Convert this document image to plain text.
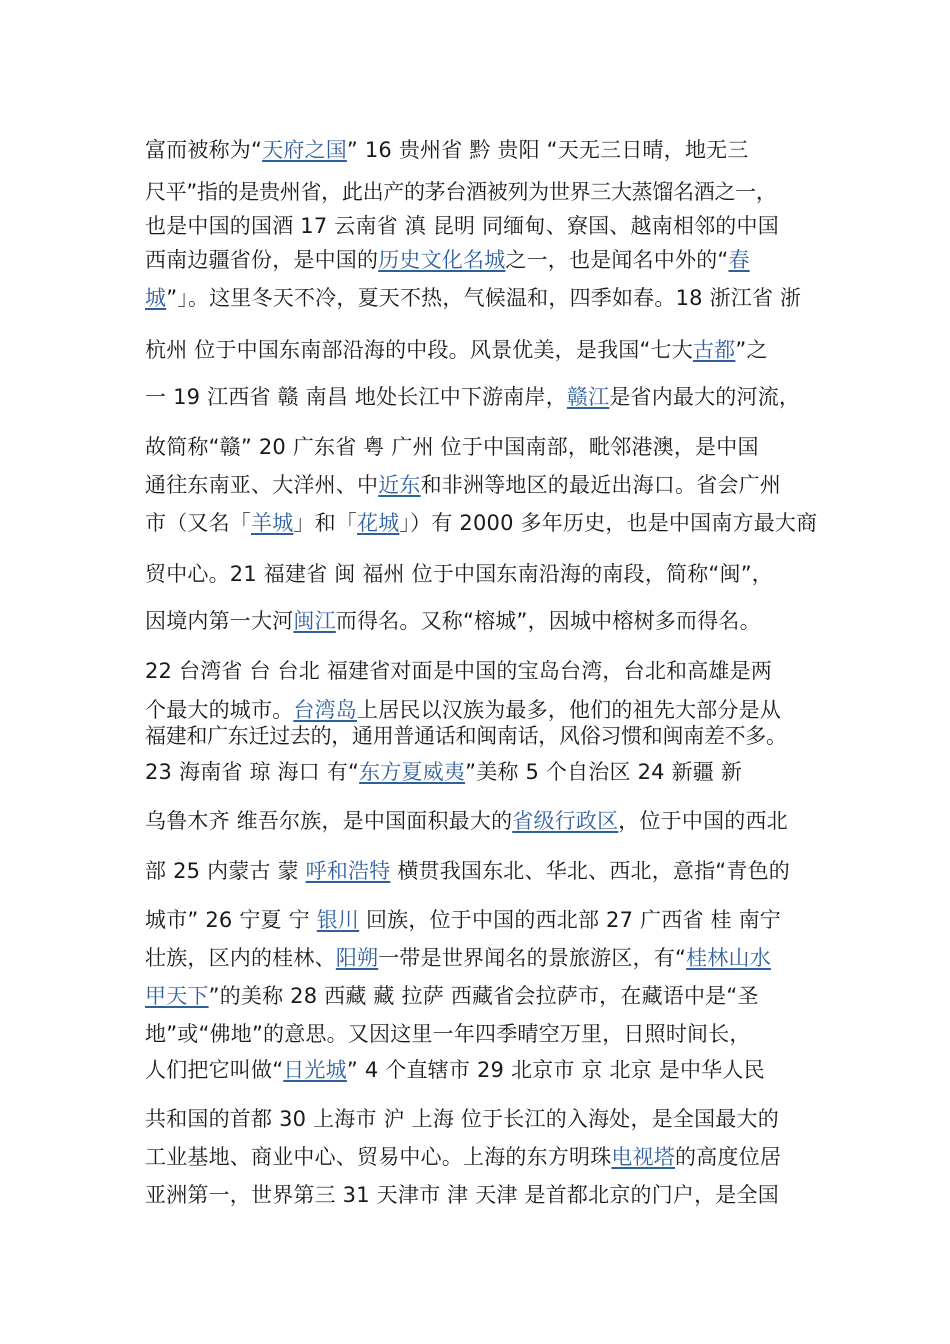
富而被称为“天府之国” 16 贵州省 黔 贵阳 “天无三日晴，地无三
尺平”指的是贵州省，此出产的茅台酒被列为世界三大蒸馏名酒之一，
也是中国的国酒 17 云南省 滇 昆明 同缅甸、寮国、越南相邻的中国
西南边疆省份，是中国的历史文化名城之一，也是闻名中外的“春
城”」。这里冬天不冷，夏天不热，气候温和，四季如春。18 浙江省 浙
杭州 位于中国东南部沿海的中段。风景优美，是我国“七大古都”之
一 19 江西省 赣 南昌 地处长江中下游南岸，赣江是省内最大的河流，
故简称“赣” 20 广东省 粤 广州 位于中国南部，毗邻港澳，是中国
通往东南亚、大洋州、中近东和非洲等地区的最近出海口。省会广州
市（又名「羊城」和「花城」）有 2000 多年历史，也是中国南方最大商
贸中心。21 福建省 闽 福州 位于中国东南沿海的南段，简称“闽”，
因境内第一大河闽江而得名。又称“榕城”，因城中榕树多而得名。
22 台湾省 台 台北 福建省对面是中国的宝岛台湾，台北和高雄是两
个最大的城市。台湾岛上居民以汉族为最多，他们的祖先大部分是从
福建和广东迁过去的，通用普通话和闽南话，风俗习惯和闽南差不多。
23 海南省 琼 海口 有“东方夏威夷”美称 5 个自治区 24 新疆 新
乌鲁木齐 维吾尔族，是中国面积最大的省级行政区，位于中国的西北
部 25 内蒙古 蒙 呼和浩特 横贯我国东北、华北、西北，意指“青色的
城市” 26 宁夏 宁 银川 回族，位于中国的西北部 27 广西省 桂 南宁
壮族，区内的桂林、阳朔一带是世界闻名的景旅游区，有“桂林山水
甲天下”的美称 28 西藏 藏 拉萨 西藏省会拉萨市，在藏语中是“圣
地”或“佛地”的意思。又因这里一年四季晴空万里，日照时间长，
人们把它叫做“日光城” 4 个直辖市 29 北京市 京 北京 是中华人民
共和国的首都 30 上海市 沪 上海 位于长江的入海处，是全国最大的
工业基地、商业中心、贸易中心。上海的东方明珠电视塔的高度位居
亚洲第一，世界第三 31 天津市 津 天津 是首都北京的门户，是全国
